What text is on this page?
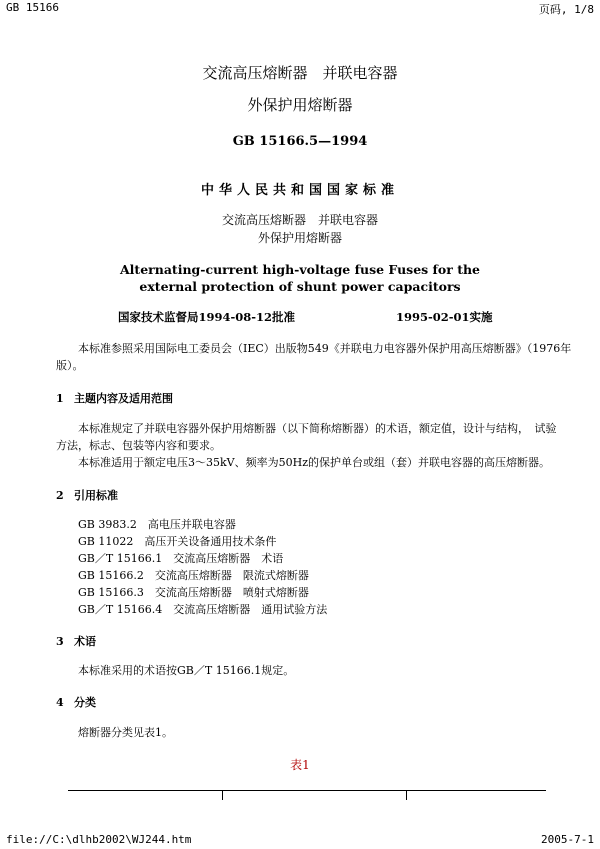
GB 15166	页码, 1/8
交流高压熔断器　并联电容器
外保护用熔断器
GB 15166.5—1994
中华人民共和国国家标准
交流高压熔断器　并联电容器
外保护用熔断器
Alternating-current high-voltage fuse Fuses for the
external protection of shunt power capacitors
国家技术监督局1994-08-12批准	1995-02-01实施
本标准参照采用国际电工委员会（IEC）出版物549《并联电力电容器外保护用高压熔断器》（1976年
版）。
1 主题内容及适用范围
本标准规定了并联电容器外保护用熔断器（以下简称熔断器）的术语，额定值，设计与结构，　试验
方法，标志、包装等内容和要求。
本标准适用于额定电压3～35kV、频率为50Hz的保护单台或组（套）并联电容器的高压熔断器。
2 引用标准
GB 3983.2　高电压并联电容器
GB 11022　高压开关设备通用技术条件
GB／T 15166.1　交流高压熔断器　术语
GB 15166.2　交流高压熔断器　限流式熔断器
GB 15166.3　交流高压熔断器　喷射式熔断器
GB／T 15166.4　交流高压熔断器　通用试验方法
3 术语
本标准采用的术语按GB／T 15166.1规定。
4 分类
熔断器分类见表1。
表1
file://C:\dlhb2002\WJ244.htm	2005-7-1
